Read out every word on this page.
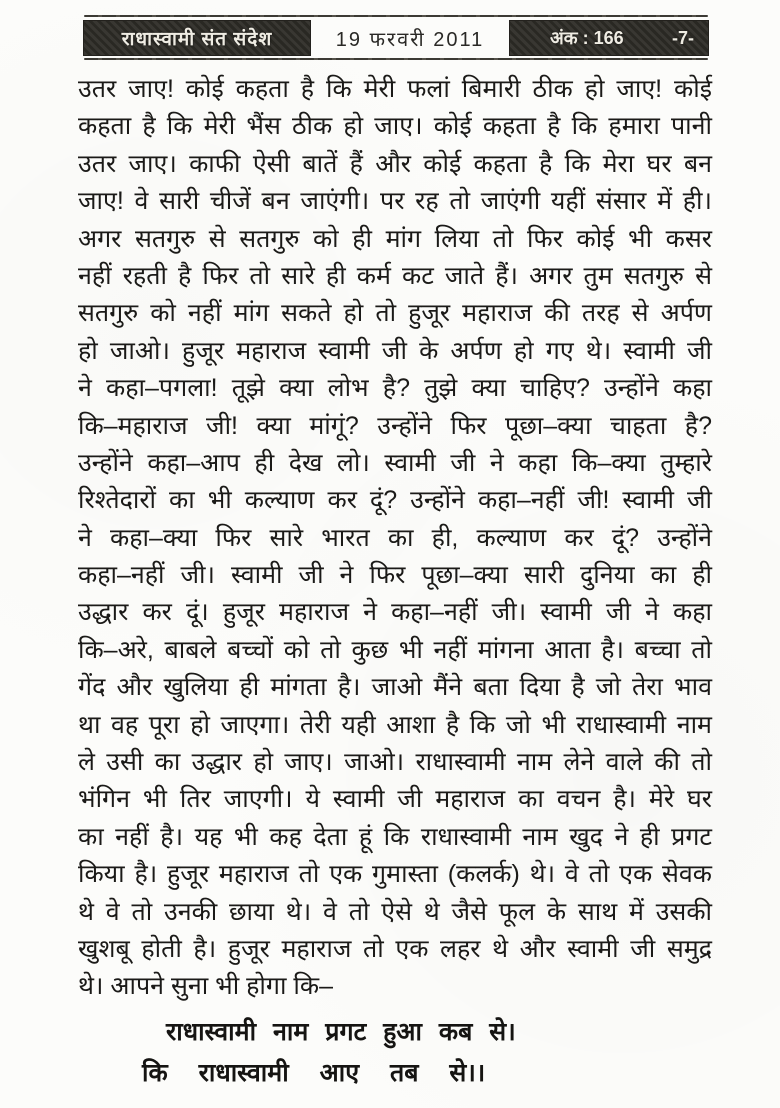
राधास्वामी संत संदेश	19 फरवरी 2011	अंक : 166	-7-
उतर जाए! कोई कहता है कि मेरी फलां बिमारी ठीक हो जाए! कोई
कहता है कि मेरी भैंस ठीक हो जाए। कोई कहता है कि हमारा पानी
उतर जाए। काफी ऐसी बातें हैं और कोई कहता है कि मेरा घर बन
जाए! वे सारी चीजें बन जाएंगी। पर रह तो जाएंगी यहीं संसार में ही।
अगर सतगुरु से सतगुरु को ही मांग लिया तो फिर कोई भी कसर
नहीं रहती है फिर तो सारे ही कर्म कट जाते हैं। अगर तुम सतगुरु से
सतगुरु को नहीं मांग सकते हो तो हुजूर महाराज की तरह से अर्पण
हो जाओ। हुजूर महाराज स्वामी जी के अर्पण हो गए थे। स्वामी जी
ने कहा–पगला! तूझे क्या लोभ है? तुझे क्या चाहिए? उन्होंने कहा
कि–महाराज जी! क्या मांगूं? उन्होंने फिर पूछा–क्या चाहता है?
उन्होंने कहा–आप ही देख लो। स्वामी जी ने कहा कि–क्या तुम्हारे
रिश्तेदारों का भी कल्याण कर दूं? उन्होंने कहा–नहीं जी! स्वामी जी
ने कहा–क्या फिर सारे भारत का ही, कल्याण कर दूं? उन्होंने
कहा–नहीं जी। स्वामी जी ने फिर पूछा–क्या सारी दुनिया का ही
उद्धार कर दूं। हुजूर महाराज ने कहा–नहीं जी। स्वामी जी ने कहा
कि–अरे, बाबले बच्चों को तो कुछ भी नहीं मांगना आता है। बच्चा तो
गेंद और खुलिया ही मांगता है। जाओ मैंने बता दिया है जो तेरा भाव
था वह पूरा हो जाएगा। तेरी यही आशा है कि जो भी राधास्वामी नाम
ले उसी का उद्धार हो जाए। जाओ। राधास्वामी नाम लेने वाले की तो
भंगिन भी तिर जाएगी। ये स्वामी जी महाराज का वचन है। मेरे घर
का नहीं है। यह भी कह देता हूं कि राधास्वामी नाम खुद ने ही प्रगट
किया है। हुजूर महाराज तो एक गुमास्ता (कलर्क) थे। वे तो एक सेवक
थे वे तो उनकी छाया थे। वे तो ऐसे थे जैसे फूल के साथ में उसकी
खुशबू होती है। हुजूर महाराज तो एक लहर थे और स्वामी जी समुद्र
थे। आपने सुना भी होगा कि–
राधास्वामी नाम प्रगट हुआ कब से।
कि राधास्वामी आए तब से।।
